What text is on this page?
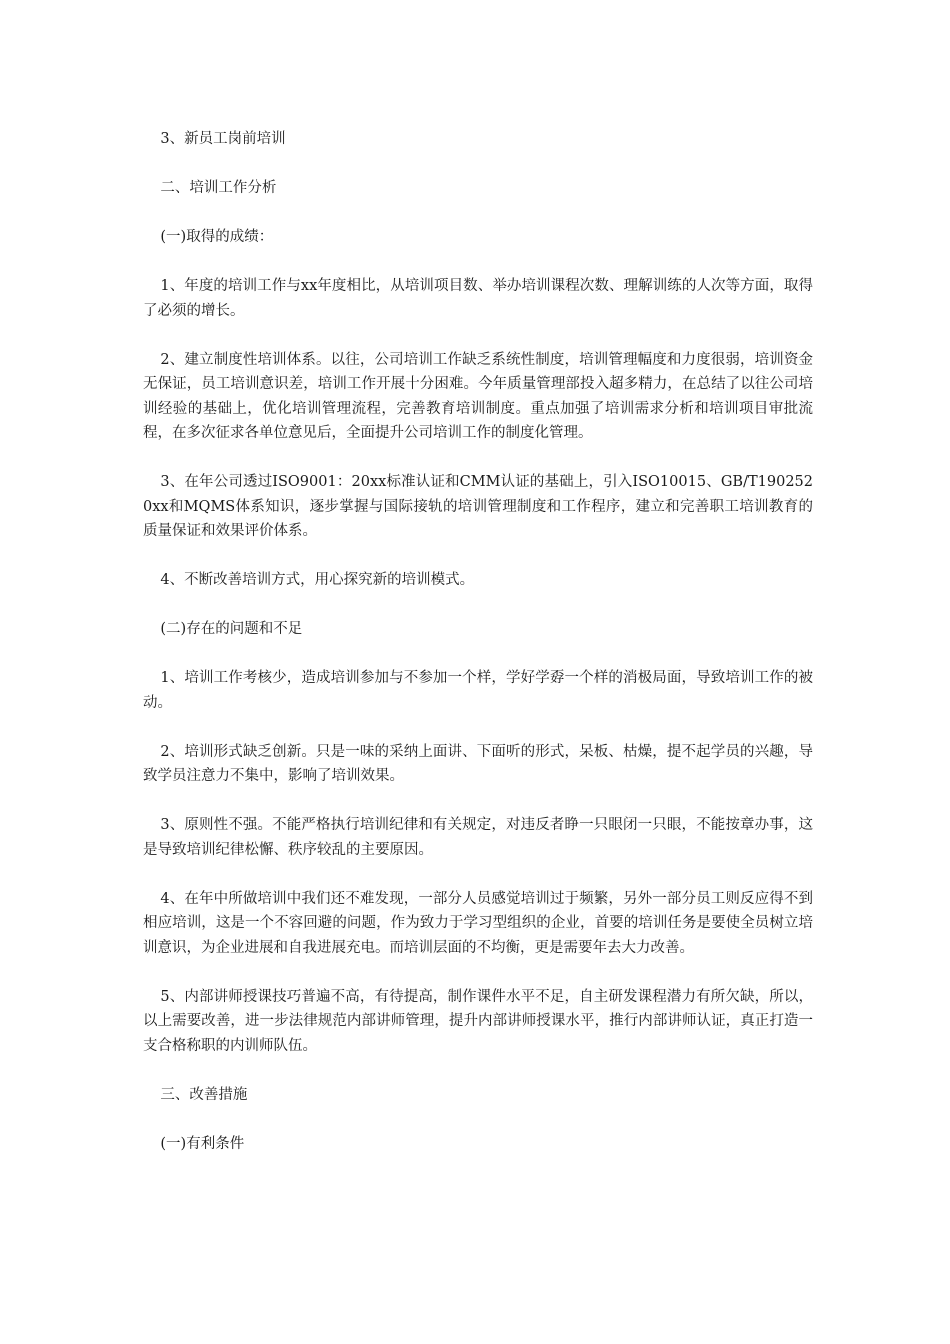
3、新员工岗前培训

二、培训工作分析

(一)取得的成绩：

1、年度的培训工作与xx年度相比，从培训项目数、举办培训课程次数、理解训练的人次等方面，取得了必须的增长。

2、建立制度性培训体系。以往，公司培训工作缺乏系统性制度，培训管理幅度和力度很弱，培训资金无保证，员工培训意识差，培训工作开展十分困难。今年质量管理部投入超多精力，在总结了以往公司培训经验的基础上，优化培训管理流程，完善教育培训制度。重点加强了培训需求分析和培训项目审批流程，在多次征求各单位意见后，全面提升公司培训工作的制度化管理。

3、在年公司透过ISO9001：20xx标准认证和CMM认证的基础上，引入ISO10015、GB/T1902520xx和MQMS体系知识，逐步掌握与国际接轨的培训管理制度和工作程序，建立和完善职工培训教育的质量保证和效果评价体系。

4、不断改善培训方式，用心探究新的培训模式。

(二)存在的问题和不足

1、培训工作考核少，造成培训参加与不参加一个样，学好学孬一个样的消极局面，导致培训工作的被动。

2、培训形式缺乏创新。只是一味的采纳上面讲、下面听的形式，呆板、枯燥，提不起学员的兴趣，导致学员注意力不集中，影响了培训效果。

3、原则性不强。不能严格执行培训纪律和有关规定，对违反者睁一只眼闭一只眼，不能按章办事，这是导致培训纪律松懈、秩序较乱的主要原因。

4、在年中所做培训中我们还不难发现，一部分人员感觉培训过于频繁，另外一部分员工则反应得不到相应培训，这是一个不容回避的问题，作为致力于学习型组织的企业，首要的培训任务是要使全员树立培训意识，为企业进展和自我进展充电。而培训层面的不均衡，更是需要年去大力改善。

5、内部讲师授课技巧普遍不高，有待提高，制作课件水平不足，自主研发课程潜力有所欠缺，所以，以上需要改善，进一步法律规范内部讲师管理，提升内部讲师授课水平，推行内部讲师认证，真正打造一支合格称职的内训师队伍。

三、改善措施

(一)有利条件
